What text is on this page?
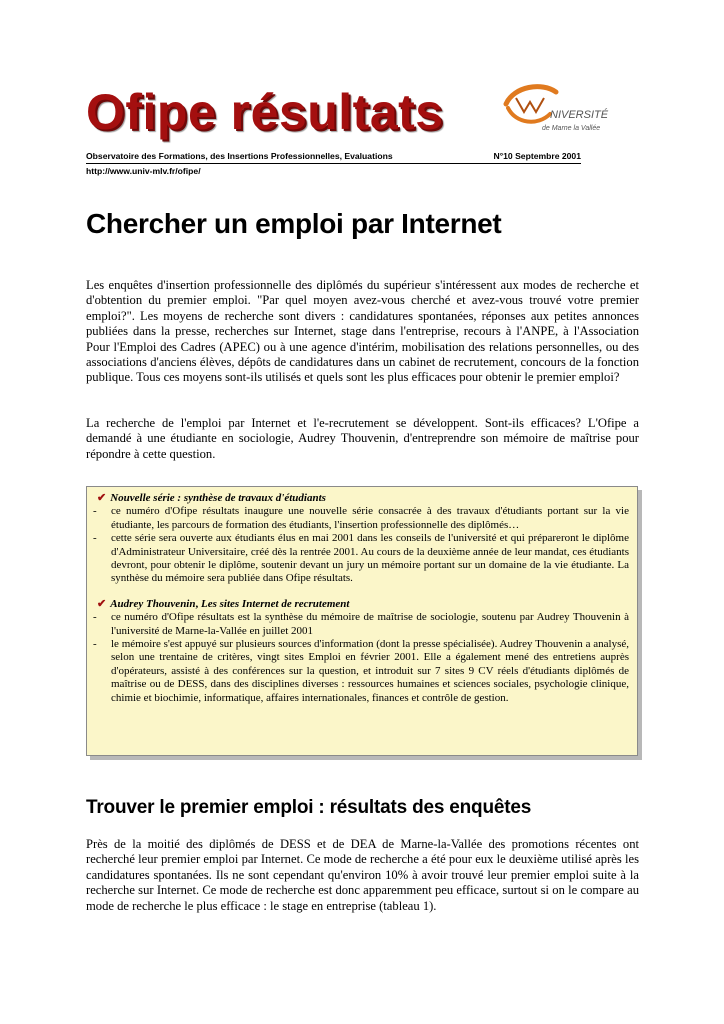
Ofipe résultats	NIVERSITÉ
de Marne la Vallée
Observatoire des Formations, des Insertions Professionnelles, Evaluations	N°10 Septembre 2001
http://www.univ-mlv.fr/ofipe/
Chercher un emploi par Internet

Les enquêtes d'insertion professionnelle des diplômés du supérieur s'intéressent aux modes de recherche et d'obtention du premier emploi. "Par quel moyen avez-vous cherché et avez-vous trouvé votre premier emploi?". Les moyens de recherche sont divers : candidatures spontanées, réponses aux petites annonces publiées dans la presse, recherches sur Internet, stage dans l'entreprise, recours à l'ANPE, à l'Association Pour l'Emploi des Cadres (APEC) ou à une agence d'intérim, mobilisation des relations personnelles, ou des associations d'anciens élèves, dépôts de candidatures dans un cabinet de recrutement, concours de la fonction publique. Tous ces moyens sont-ils utilisés et quels sont les plus efficaces pour obtenir le premier emploi?

La recherche de l'emploi par Internet et l'e-recrutement se développent. Sont-ils efficaces? L'Ofipe a demandé à une étudiante en sociologie, Audrey Thouvenin, d'entreprendre son mémoire de maîtrise pour répondre à cette question.

✔ Nouvelle série : synthèse de travaux d'étudiants
- ce numéro d'Ofipe résultats inaugure une nouvelle série consacrée à des travaux d'étudiants portant sur la vie étudiante, les parcours de formation des étudiants, l'insertion professionnelle des diplômés…
- cette série sera ouverte aux étudiants élus en mai 2001 dans les conseils de l'université et qui prépareront le diplôme d'Administrateur Universitaire, créé dès la rentrée 2001. Au cours de la deuxième année de leur mandat, ces étudiants devront, pour obtenir le diplôme, soutenir devant un jury un mémoire portant sur un domaine de la vie étudiante. La synthèse du mémoire sera publiée dans Ofipe résultats.
✔ Audrey Thouvenin, Les sites Internet de recrutement
- ce numéro d'Ofipe résultats est la synthèse du mémoire de maîtrise de sociologie, soutenu par Audrey Thouvenin à l'université de Marne-la-Vallée en juillet 2001
- le mémoire s'est appuyé sur plusieurs sources d'information (dont la presse spécialisée). Audrey Thouvenin a analysé, selon une trentaine de critères, vingt sites Emploi en février 2001. Elle a également mené des entretiens auprès d'opérateurs, assisté à des conférences sur la question, et introduit sur 7 sites 9 CV réels d'étudiants diplômés de maîtrise ou de DESS, dans des disciplines diverses : ressources humaines et sciences sociales, psychologie clinique, chimie et biochimie, informatique, affaires internationales, finances et contrôle de gestion.
Trouver le premier emploi : résultats des enquêtes

Près de la moitié des diplômés de DESS et de DEA de Marne-la-Vallée des promotions récentes ont recherché leur premier emploi par Internet. Ce mode de recherche a été pour eux le deuxième utilisé après les candidatures spontanées. Ils ne sont cependant qu'environ 10% à avoir trouvé leur premier emploi suite à la recherche sur Internet. Ce mode de recherche est donc apparemment peu efficace, surtout si on le compare au mode de recherche le plus efficace : le stage en entreprise (tableau 1).
